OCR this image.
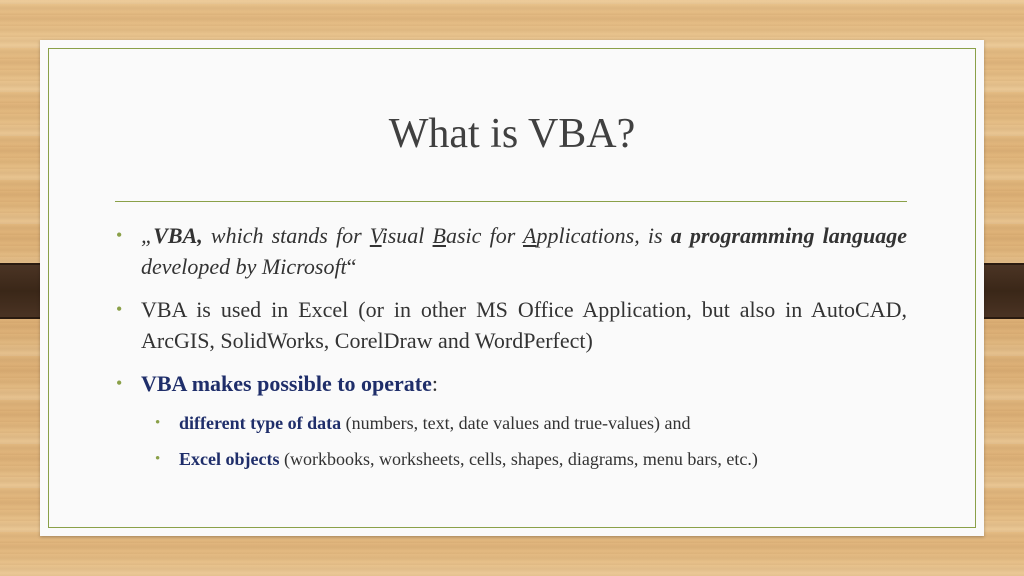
What is VBA?
• „VBA, which stands for Visual Basic for Applications, is a programming language developed by Microsoft“
• VBA is used in Excel (or in other MS Office Application, but also in AutoCAD, ArcGIS, SolidWorks, CorelDraw and WordPerfect)
• VBA makes possible to operate:
• different type of data (numbers, text, date values and true-values) and
• Excel objects (workbooks, worksheets, cells, shapes, diagrams, menu bars, etc.)
